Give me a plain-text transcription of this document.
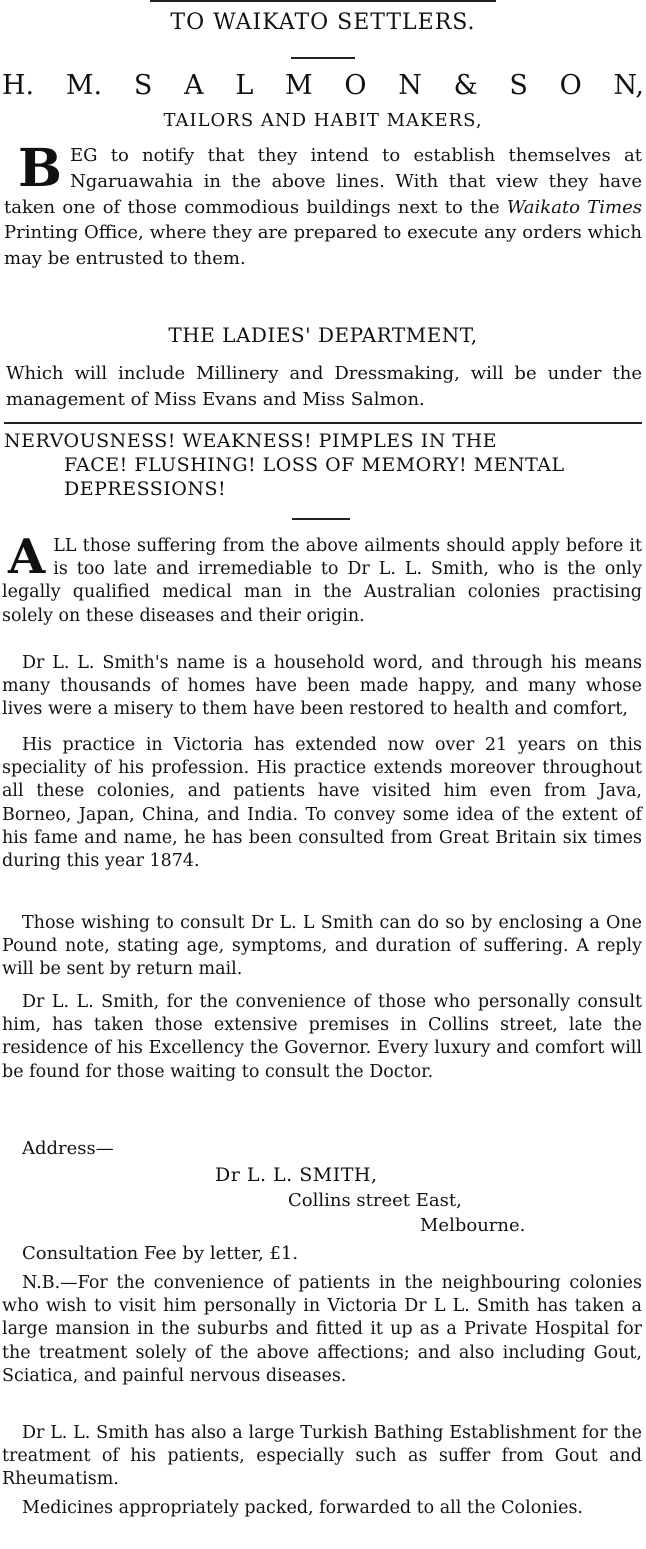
TO WAIKATO SETTLERS.
H. M. S A L M O N & S O N,
TAILORS AND HABIT MAKERS,

BEG to notify that they intend to establish themselves at Ngaruawahia in the above lines. With that view they have taken one of those commodious buildings next to the Waikato Times Printing Office, where they are prepared to execute any orders which may be entrusted to them.

THE LADIES' DEPARTMENT,

Which will include Millinery and Dressmaking, will be under the management of Miss Evans and Miss Salmon.

NERVOUSNESS! WEAKNESS! PIMPLES IN THE
FACE! FLUSHING! LOSS OF MEMORY! MENTAL DEPRESSIONS!

ALL those suffering from the above ailments should apply before it is too late and irremediable to Dr L. L. Smith, who is the only legally qualified medical man in the Australian colonies practising solely on these diseases and their origin.

Dr L. L. Smith's name is a household word, and through his means many thousands of homes have been made happy, and many whose lives were a misery to them have been restored to health and comfort,

His practice in Victoria has extended now over 21 years on this speciality of his profession. His practice extends moreover throughout all these colonies, and patients have visited him even from Java, Borneo, Japan, China, and India. To convey some idea of the extent of his fame and name, he has been consulted from Great Britain six times during this year 1874.

Those wishing to consult Dr L. L Smith can do so by enclosing a One Pound note, stating age, symptoms, and duration of suffering. A reply will be sent by return mail.

Dr L. L. Smith, for the convenience of those who personally consult him, has taken those extensive premises in Collins street, late the residence of his Excellency the Governor. Every luxury and comfort will be found for those waiting to consult the Doctor.

Address—
Dr L. L. SMITH,
Collins street East,
Melbourne.
Consultation Fee by letter, £1.

N.B.—For the convenience of patients in the neighbouring colonies who wish to visit him personally in Victoria Dr L L. Smith has taken a large mansion in the suburbs and fitted it up as a Private Hospital for the treatment solely of the above affections; and also including Gout, Sciatica, and painful nervous diseases.

Dr L. L. Smith has also a large Turkish Bathing Establishment for the treatment of his patients, especially such as suffer from Gout and Rheumatism.

Medicines appropriately packed, forwarded to all the Colonies.
